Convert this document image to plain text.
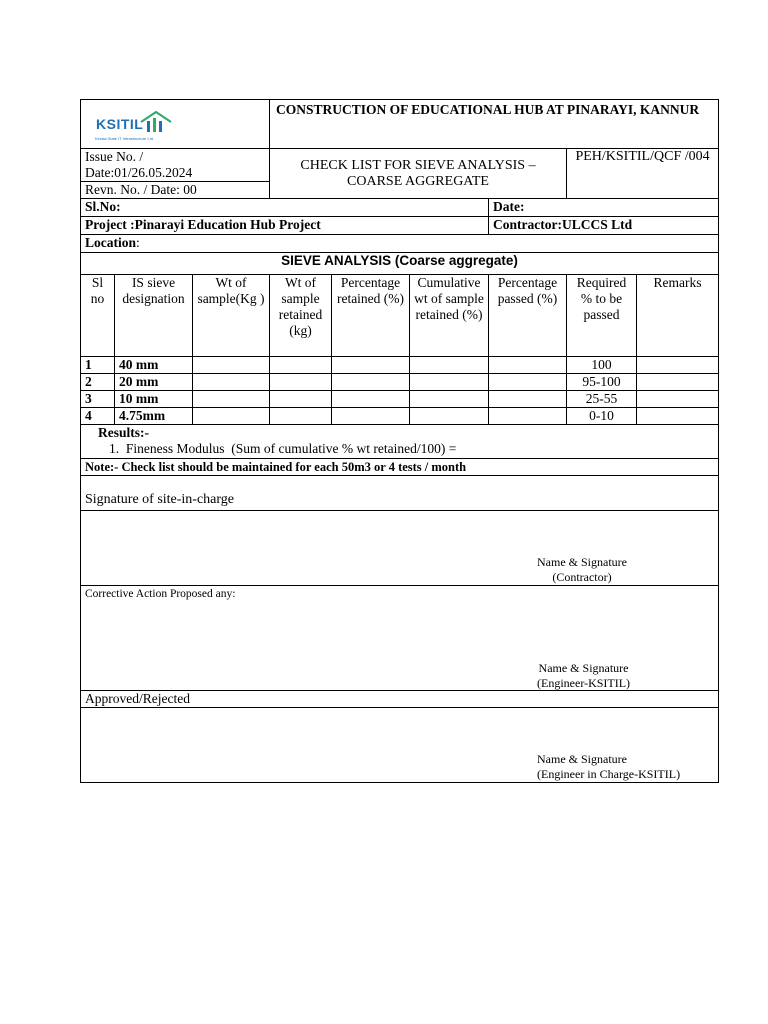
KSITIL
Kerala State IT Infrastructure Ltd			CONSTRUCTION OF EDUCATIONAL HUB AT PINARAYI, KANNUR					

Issue No. /
Date:01/26.05.2024			CHECK LIST FOR SIEVE ANALYSIS – COARSE AGGREGATE				PEH/KSITIL/QCF /004	
Revn. No. / Date: 00								
Sl.No:						Date:		
Project :Pinarayi Education Hub Project						Contractor:ULCCS Ltd		
Location:								
SIEVE ANALYSIS (Coarse aggregate)								
Sl no	IS sieve designation	Wt of sample(Kg )	Wt of sample retained (kg)	Percentage retained (%)	Cumulative wt of sample retained (%)	Percentage passed (%)	Required % to be passed	Remarks
1	40 mm						100	
2	20 mm						95-100	
3	10 mm						25-55	
4	4.75mm						0-10	

Results:-
1.  Fineness Modulus  (Sum of cumulative % wt retained/100) =								

Note:- Check list should be maintained for each 50m3 or 4 tests / month								
Signature of site-in-charge								

Name & Signature
(Contractor)								

Corrective Action Proposed any:
Name & Signature
(Engineer-KSITIL)								

Approved/Rejected								

Name & Signature
(Engineer in Charge-KSITIL)								
